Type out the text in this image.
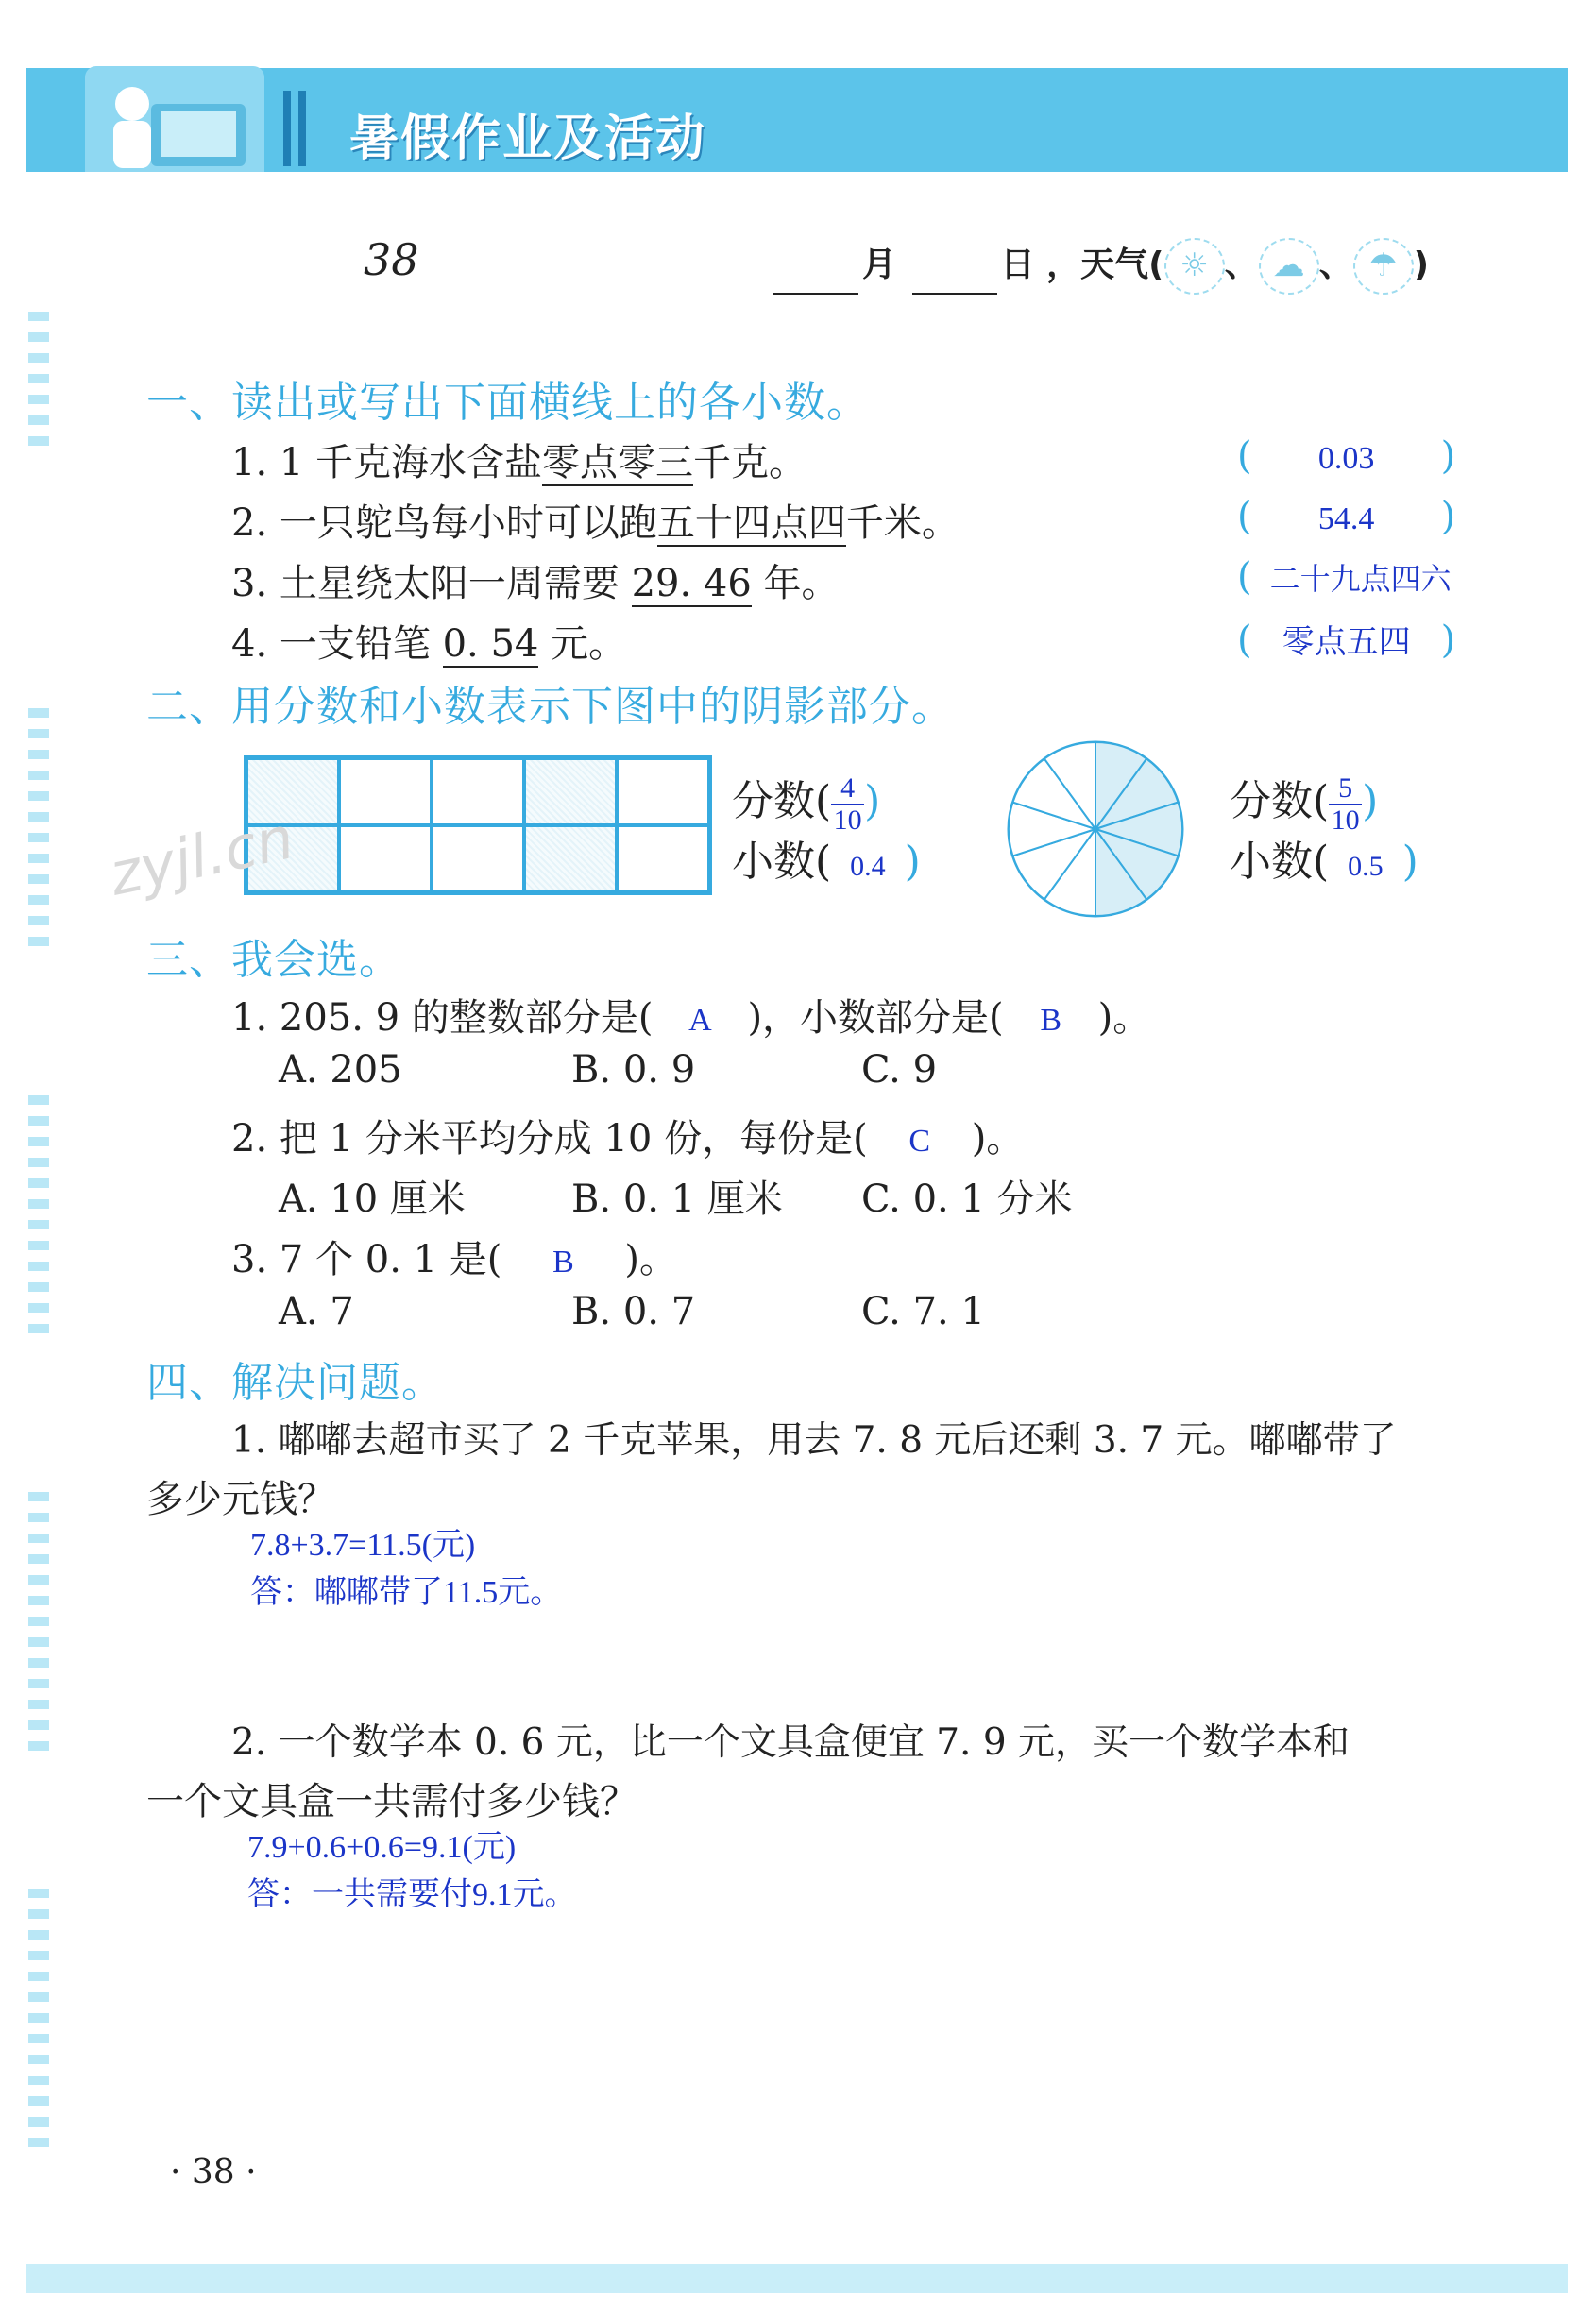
暑假作业及活动
38	月	日 ，天气( ☼ 、 ☁ 、 ☂ )
一、读出或写出下面横线上的各小数。
1. 1 千克海水含盐零点零三千克。	( 0.03 )
2. 一只鸵鸟每小时可以跑五十四点四千米。	( 54.4 )
3. 土星绕太阳一周需要 29. 46 年。	( 二十九点四六
4. 一支铅笔 0. 54 元。	( 零点五四 )
二、用分数和小数表示下图中的阴影部分。
zyjl.cn
分数( $\frac{4}{10}$)
小数( 0.4 )
分数( $\frac{5}{10}$)
小数( 0.5 )
三、我会选。
1. 205. 9 的整数部分是( A )，小数部分是( B )。
A. 205	B. 0. 9	C. 9
2. 把 1 分米平均分成 10 份，每份是( C )。
A. 10 厘米	B. 0. 1 厘米 C. 0. 1 分米
3. 7 个 0. 1 是( B )。
A. 7	B. 0. 7	C. 7. 1
四、解决问题。
1. 嘟嘟去超市买了 2 千克苹果，用去 7. 8 元后还剩 3. 7 元。嘟嘟带了
多少元钱？
7.8+3.7=11.5(元)
答：嘟嘟带了11.5元。
2. 一个数学本 0. 6 元，比一个文具盒便宜 7. 9 元，买一个数学本和
一个文具盒一共需付多少钱？
7.9+0.6+0.6=9.1(元)
答：一共需要付9.1元。
· 38 ·
